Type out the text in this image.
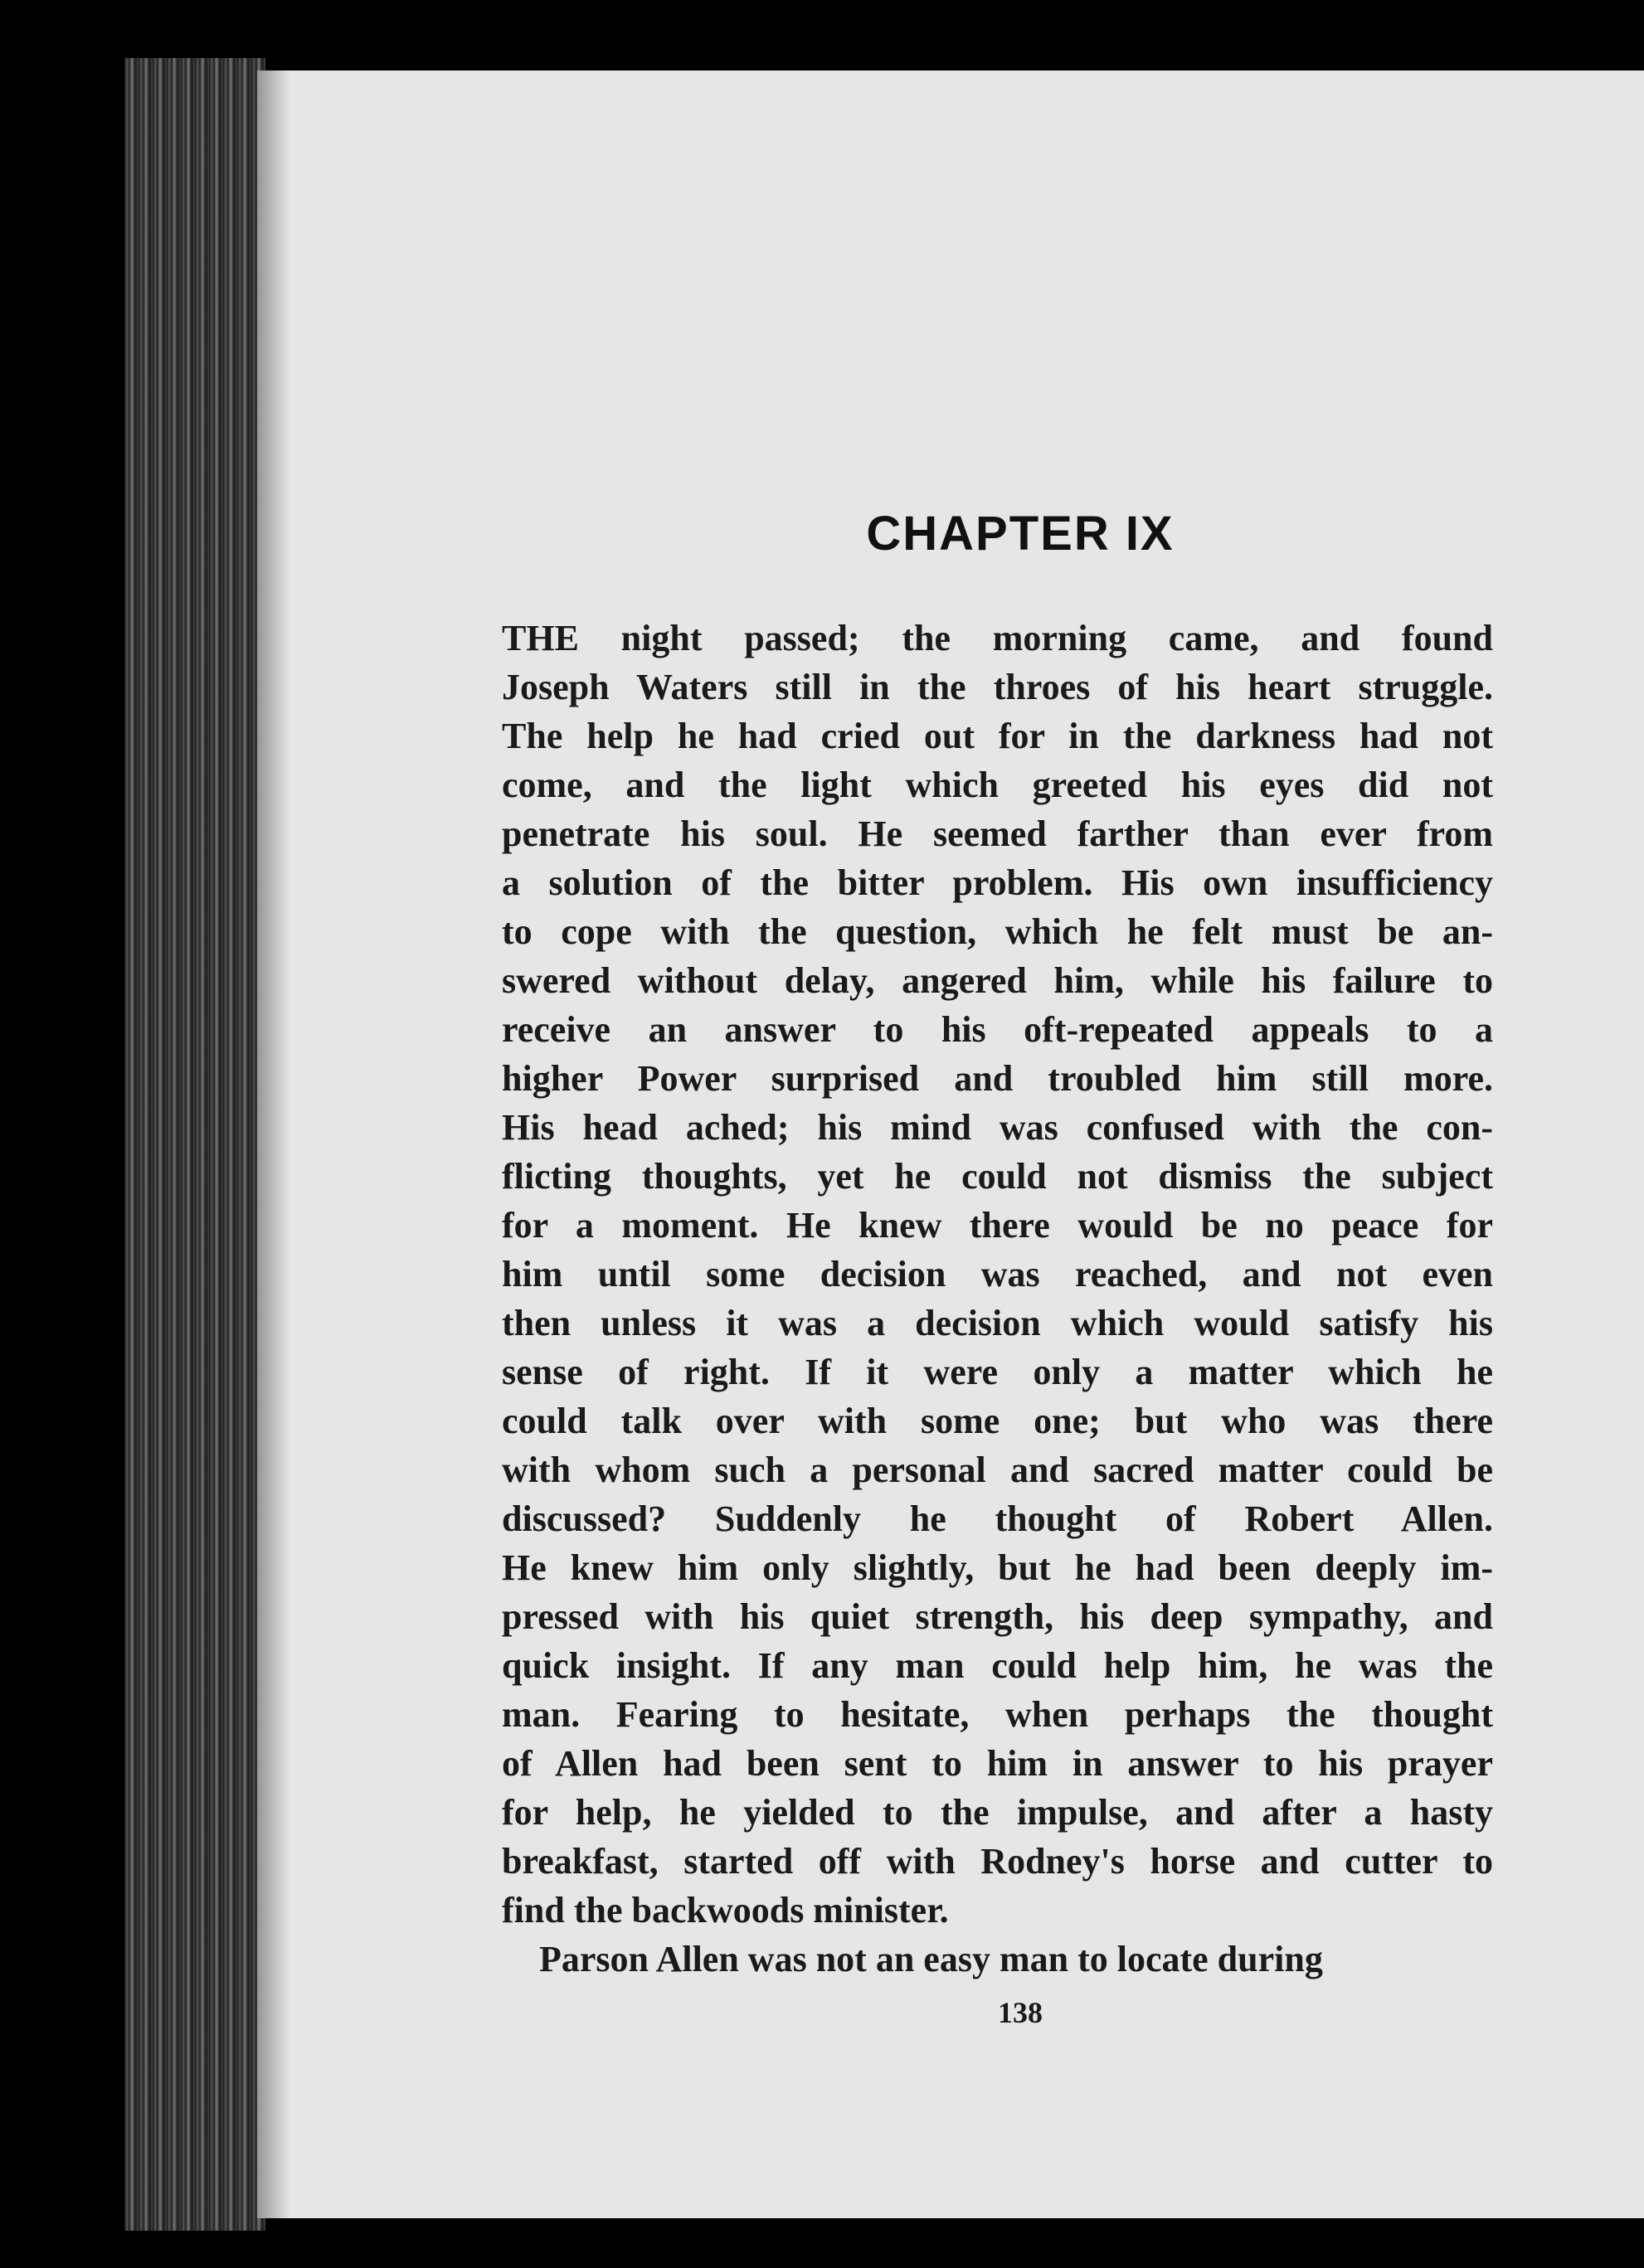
CHAPTER IX
THE night passed; the morning came, and found
Joseph Waters still in the throes of his heart struggle.
The help he had cried out for in the darkness had not
come, and the light which greeted his eyes did not
penetrate his soul. He seemed farther than ever from
a solution of the bitter problem. His own insufficiency
to cope with the question, which he felt must be an-
swered without delay, angered him, while his failure to
receive an answer to his oft-repeated appeals to a
higher Power surprised and troubled him still more.
His head ached; his mind was confused with the con-
flicting thoughts, yet he could not dismiss the subject
for a moment. He knew there would be no peace for
him until some decision was reached, and not even
then unless it was a decision which would satisfy his
sense of right. If it were only a matter which he
could talk over with some one; but who was there
with whom such a personal and sacred matter could be
discussed? Suddenly he thought of Robert Allen.
He knew him only slightly, but he had been deeply im-
pressed with his quiet strength, his deep sympathy, and
quick insight. If any man could help him, he was the
man. Fearing to hesitate, when perhaps the thought
of Allen had been sent to him in answer to his prayer
for help, he yielded to the impulse, and after a hasty
breakfast, started off with Rodney's horse and cutter to
find the backwoods minister.
Parson Allen was not an easy man to locate during
138
